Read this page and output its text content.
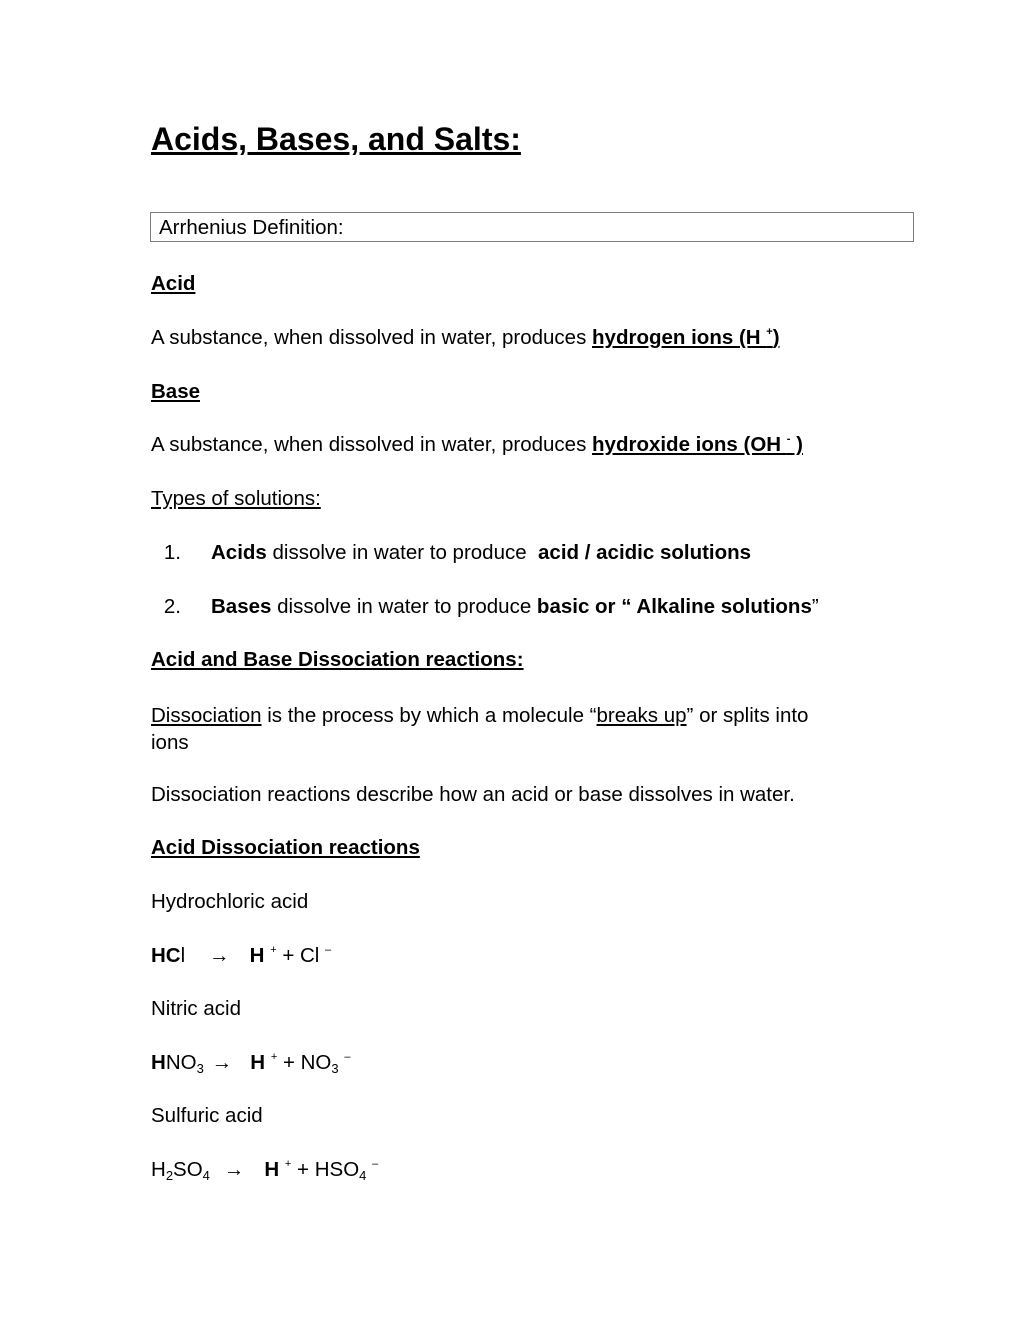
Acids, Bases, and Salts:
Arrhenius Definition:
Acid
A substance, when dissolved in water, produces hydrogen ions (H +)
Base
A substance, when dissolved in water, produces hydroxide ions (OH - )
Types of solutions:
1. Acids dissolve in water to produce  acid / acidic solutions
2. Bases dissolve in water to produce basic or “ Alkaline solutions”
Acid and Base Dissociation reactions:
Dissociation is the process by which a molecule “breaks up” or splits into
ions
Dissociation reactions describe how an acid or base dissolves in water.
Acid Dissociation reactions
Hydrochloric acid
HCl → H + + Cl –
Nitric acid
$HNO_3 \to H$ $^+ + NO_3$ –
Sulfuric acid
$H_2SO_4 \to H$ $^+ + HSO_4$ –
